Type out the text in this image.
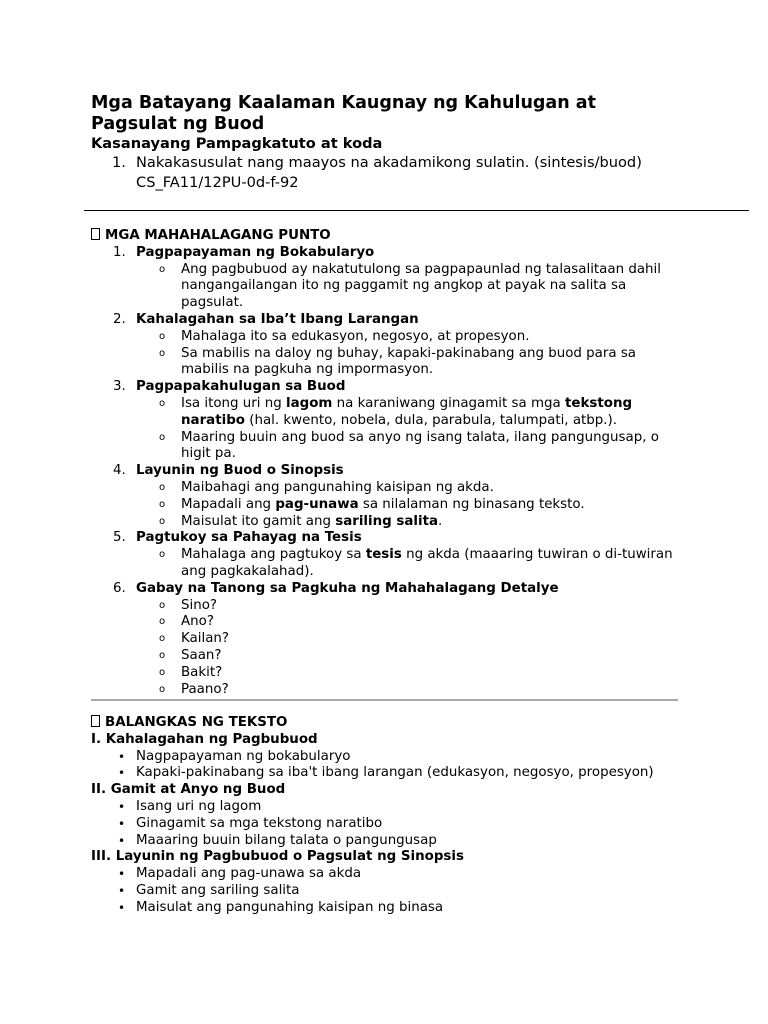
Mga Batayang Kaalaman Kaugnay ng Kahulugan at Pagsulat ng Buod
Kasanayang Pampagkatuto at koda
1. Nakakasusulat nang maayos na akadamikong sulatin. (sintesis/buod)
CS_FA11/12PU-0d-f-92
MGA MAHAHALAGANG PUNTO
1. Pagpapayaman ng Bokabularyo
o Ang pagbubuod ay nakatutulong sa pagpapaunlad ng talasalitaan dahil nangangailangan ito ng paggamit ng angkop at payak na salita sa pagsulat.
2. Kahalagahan sa Iba’t Ibang Larangan
o Mahalaga ito sa edukasyon, negosyo, at propesyon.
o Sa mabilis na daloy ng buhay, kapaki-pakinabang ang buod para sa mabilis na pagkuha ng impormasyon.
3. Pagpapakahulugan sa Buod
o Isa itong uri ng lagom na karaniwang ginagamit sa mga tekstong naratibo (hal. kwento, nobela, dula, parabula, talumpati, atbp.).
o Maaring buuin ang buod sa anyo ng isang talata, ilang pangungusap, o higit pa.
4. Layunin ng Buod o Sinopsis
o Maibahagi ang pangunahing kaisipan ng akda.
o Mapadali ang pag-unawa sa nilalaman ng binasang teksto.
o Maisulat ito gamit ang sariling salita.
5. Pagtukoy sa Pahayag na Tesis
o Mahalaga ang pagtukoy sa tesis ng akda (maaaring tuwiran o di-tuwiran ang pagkakalahad).
6. Gabay na Tanong sa Pagkuha ng Mahahalagang Detalye
o Sino?
o Ano?
o Kailan?
o Saan?
o Bakit?
o Paano?
BALANGKAS NG TEKSTO
I. Kahalagahan ng Pagbubuod
• Nagpapayaman ng bokabularyo
• Kapaki-pakinabang sa iba't ibang larangan (edukasyon, negosyo, propesyon)
II. Gamit at Anyo ng Buod
• Isang uri ng lagom
• Ginagamit sa mga tekstong naratibo
• Maaaring buuin bilang talata o pangungusap
III. Layunin ng Pagbubuod o Pagsulat ng Sinopsis
• Mapadali ang pag-unawa sa akda
• Gamit ang sariling salita
• Maisulat ang pangunahing kaisipan ng binasa
